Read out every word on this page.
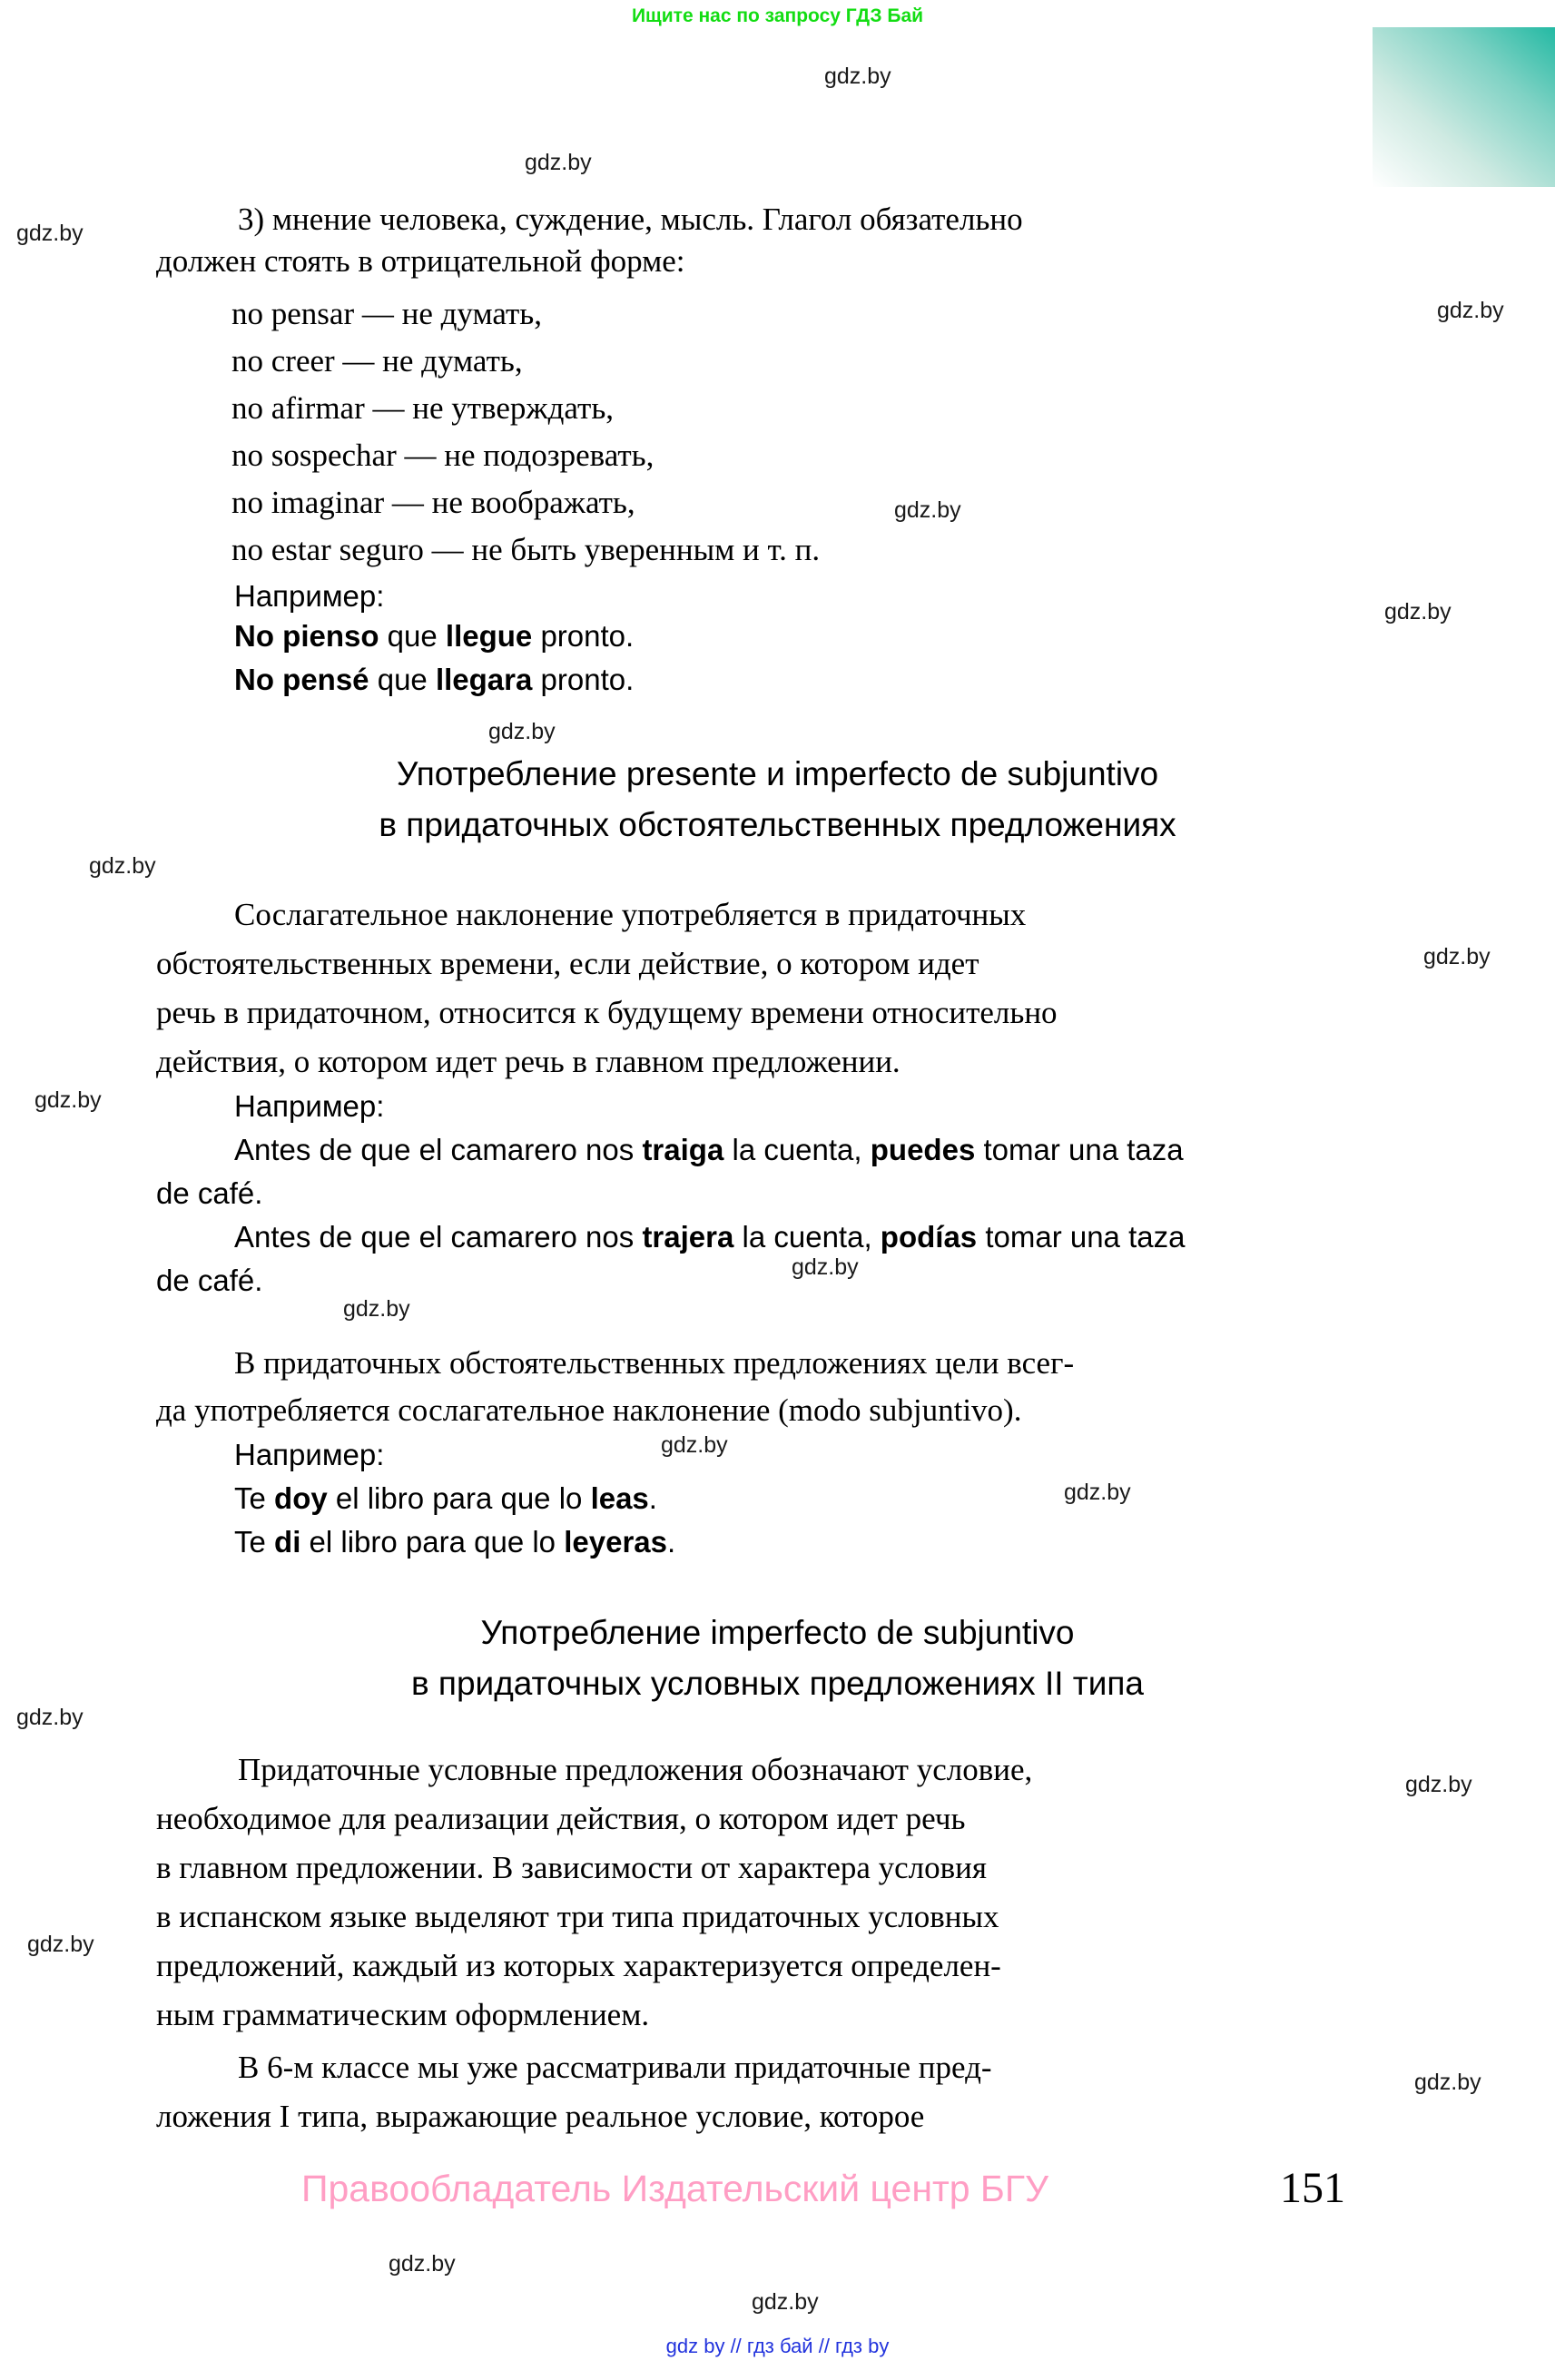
Ищите нас по запросу ГДЗ Бай
gdz.by
gdz.by
gdz.by
gdz.by
gdz.by
gdz.by
gdz.by
gdz.by
gdz.by
gdz.by
gdz.by
gdz.by
gdz.by
gdz.by
gdz.by
gdz.by
gdz.by
gdz.by
gdz.by
gdz.by
3) мнение человека, суждение, мысль. Глагол обязательно
должен стоять в отрицательной форме:
no pensar — не думать,
no creer — не думать,
no afirmar — не утверждать,
no sospechar — не подозревать,
no imaginar — не воображать,
no estar seguro — не быть уверенным и т. п.
Например:
No pienso que llegue pronto.
No pensé que llegara pronto.
Употребление presente и imperfecto de subjuntivo
в придаточных обстоятельственных предложениях
Сослагательное наклонение употребляется в придаточных
обстоятельственных времени, если действие, о котором идет
речь в придаточном, относится к будущему времени относительно
действия, о котором идет речь в главном предложении.
Например:
Antes de que el camarero nos traiga la cuenta, puedes tomar una taza
de café.
Antes de que el camarero nos trajera la cuenta, podías tomar una taza
de café.
В придаточных обстоятельственных предложениях цели всег-
да употребляется сослагательное наклонение (modo subjuntivo).
Например:
Te doy el libro para que lo leas.
Te di el libro para que lo leyeras.
Употребление imperfecto de subjuntivo
в придаточных условных предложениях II типа
Придаточные условные предложения обозначают условие,
необходимое для реализации действия, о котором идет речь
в главном предложении. В зависимости от характера условия
в испанском языке выделяют три типа придаточных условных
предложений, каждый из которых характеризуется определен-
ным грамматическим оформлением.
В 6-м классе мы уже рассматривали придаточные пред-
ложения I типа, выражающие реальное условие, которое
Правообладатель Издательский центр БГУ	151
gdz by // гдз бай // гдз by
